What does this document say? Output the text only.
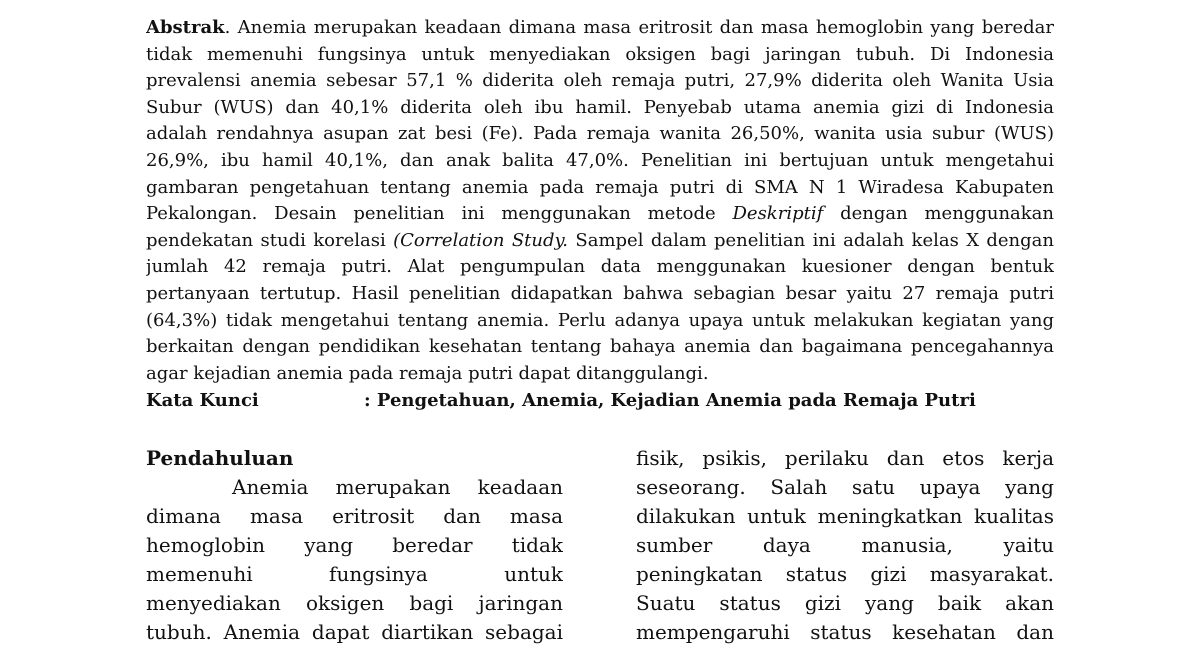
Abstrak. Anemia merupakan keadaan dimana masa eritrosit dan masa hemoglobin yang beredar
tidak memenuhi fungsinya untuk menyediakan oksigen bagi jaringan tubuh. Di Indonesia
prevalensi anemia sebesar 57,1 % diderita oleh remaja putri, 27,9% diderita oleh Wanita Usia
Subur (WUS) dan 40,1% diderita oleh ibu hamil. Penyebab utama anemia gizi di Indonesia
adalah rendahnya asupan zat besi (Fe). Pada remaja wanita 26,50%, wanita usia subur (WUS)
26,9%, ibu hamil 40,1%, dan anak balita 47,0%. Penelitian ini bertujuan untuk mengetahui
gambaran pengetahuan tentang anemia pada remaja putri di SMA N 1 Wiradesa Kabupaten
Pekalongan. Desain penelitian ini menggunakan metode Deskriptif dengan menggunakan
pendekatan studi korelasi (Correlation Study. Sampel dalam penelitian ini adalah kelas X dengan
jumlah 42 remaja putri. Alat pengumpulan data menggunakan kuesioner dengan bentuk
pertanyaan tertutup. Hasil penelitian didapatkan bahwa sebagian besar yaitu 27 remaja putri
(64,3%) tidak mengetahui tentang anemia. Perlu adanya upaya untuk melakukan kegiatan yang
berkaitan dengan pendidikan kesehatan tentang bahaya anemia dan bagaimana pencegahannya
agar kejadian anemia pada remaja putri dapat ditanggulangi.
Kata Kunci	: Pengetahuan, Anemia, Kejadian Anemia pada Remaja Putri
Pendahuluan
Anemia merupakan keadaan
dimana masa eritrosit dan masa
hemoglobin yang beredar tidak
memenuhi fungsinya untuk
menyediakan oksigen bagi jaringan
tubuh. Anemia dapat diartikan sebagai
fisik, psikis, perilaku dan etos kerja
seseorang. Salah satu upaya yang
dilakukan untuk meningkatkan kualitas
sumber daya manusia, yaitu
peningkatan status gizi masyarakat.
Suatu status gizi yang baik akan
mempengaruhi status kesehatan dan
